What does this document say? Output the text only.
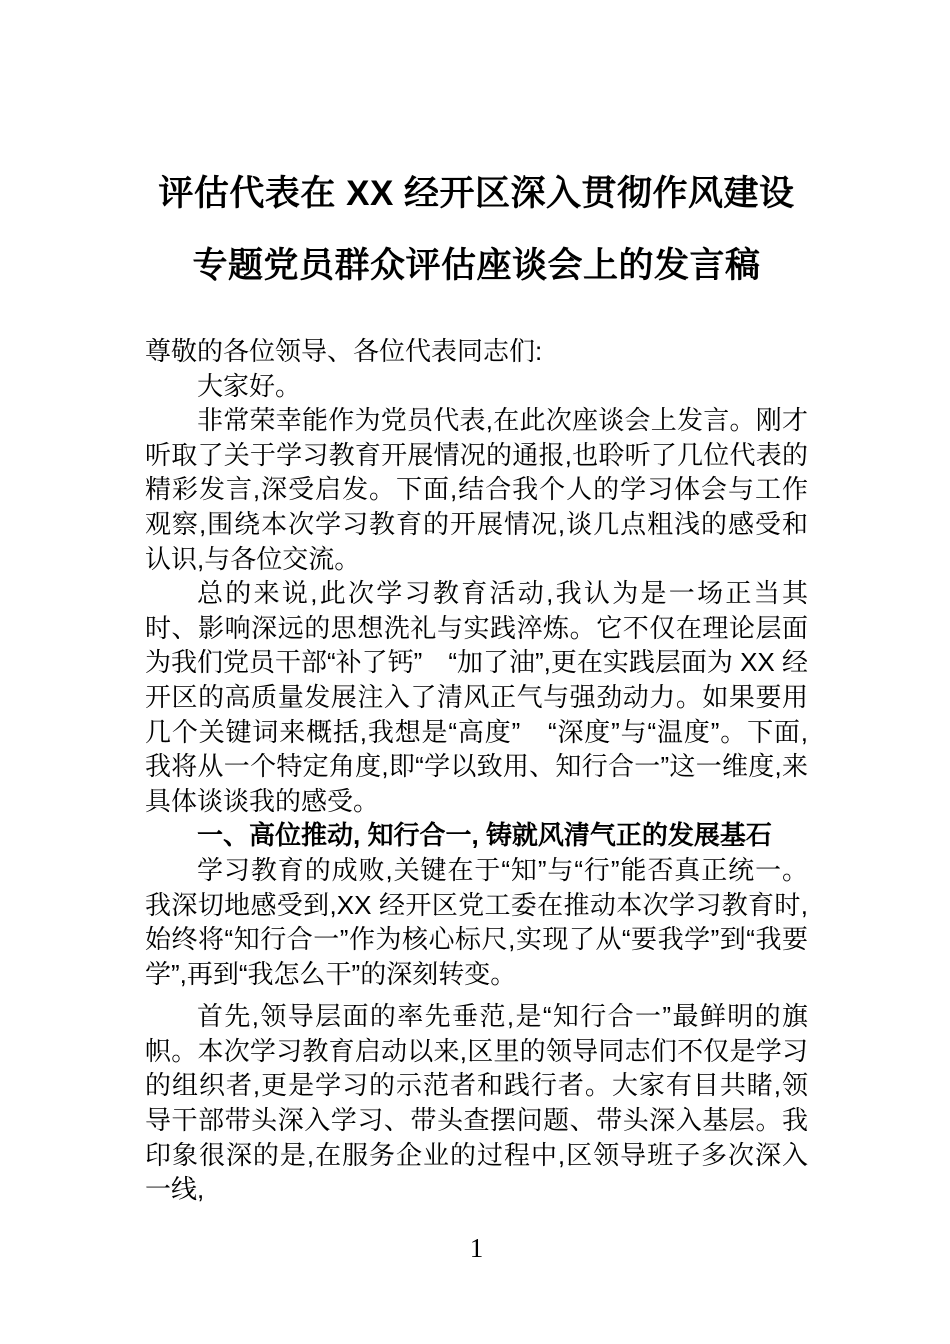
评估代表在 XX 经开区深入贯彻作风建设专题党员群众评估座谈会上的发言稿

尊敬的各位领导、各位代表同志们:

大家好。

非常荣幸能作为党员代表,在此次座谈会上发言。刚才听取了关于学习教育开展情况的通报,也聆听了几位代表的精彩发言,深受启发。下面,结合我个人的学习体会与工作观察,围绕本次学习教育的开展情况,谈几点粗浅的感受和认识,与各位交流。

总的来说,此次学习教育活动,我认为是一场正当其时、影响深远的思想洗礼与实践淬炼。它不仅在理论层面为我们党员干部“补了钙”　“加了油”,更在实践层面为 XX 经开区的高质量发展注入了清风正气与强劲动力。如果要用几个关键词来概括,我想是“高度”　“深度”与“温度”。下面,我将从一个特定角度,即“学以致用、知行合一”这一维度,来具体谈谈我的感受。

一、高位推动, 知行合一, 铸就风清气正的发展基石

学习教育的成败,关键在于“知”与“行”能否真正统一。我深切地感受到,XX 经开区党工委在推动本次学习教育时,始终将“知行合一”作为核心标尺,实现了从“要我学”到“我要学”,再到“我怎么干”的深刻转变。

首先,领导层面的率先垂范,是“知行合一”最鲜明的旗帜。本次学习教育启动以来,区里的领导同志们不仅是学习的组织者,更是学习的示范者和践行者。大家有目共睹,领导干部带头深入学习、带头查摆问题、带头深入基层。我印象很深的是,在服务企业的过程中,区领导班子多次深入一线,

1
